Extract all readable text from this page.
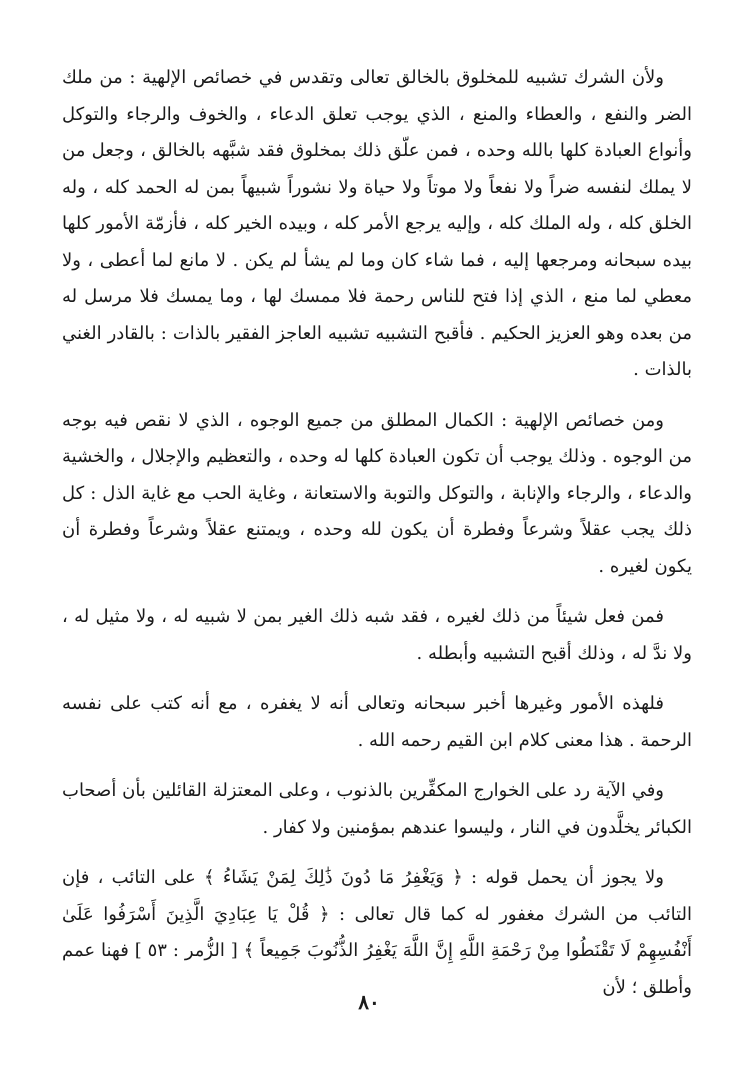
ولأن الشرك تشبيه للمخلوق بالخالق تعالى وتقدس في خصائص الإلهية : من ملك الضر والنفع ، والعطاء والمنع ، الذي يوجب تعلق الدعاء ، والخوف والرجاء والتوكل وأنواع العبادة كلها بالله وحده ، فمن علّق ذلك بمخلوق فقد شبَّهه بالخالق ، وجعل من لا يملك لنفسه ضراً ولا نفعاً ولا موتاً ولا حياة ولا نشوراً شبيهاً بمن له الحمد كله ، وله الخلق كله ، وله الملك كله ، وإليه يرجع الأمر كله ، وبيده الخير كله ، فأزمّة الأمور كلها بيده سبحانه ومرجعها إليه ، فما شاء كان وما لم يشأ لم يكن . لا مانع لما أعطى ، ولا معطي لما منع ، الذي إذا فتح للناس رحمة فلا ممسك لها ، وما يمسك فلا مرسل له من بعده وهو العزيز الحكيم . فأقبح التشبيه تشبيه العاجز الفقير بالذات : بالقادر الغني بالذات .

ومن خصائص الإلهية : الكمال المطلق من جميع الوجوه ، الذي لا نقص فيه بوجه من الوجوه . وذلك يوجب أن تكون العبادة كلها له وحده ، والتعظيم والإجلال ، والخشية والدعاء ، والرجاء والإنابة ، والتوكل والتوبة والاستعانة ، وغاية الحب مع غاية الذل : كل ذلك يجب عقلاً وشرعاً وفطرة أن يكون لله وحده ، ويمتنع عقلاً وشرعاً وفطرة أن يكون لغيره .

فمن فعل شيئاً من ذلك لغيره ، فقد شبه ذلك الغير بمن لا شبيه له ، ولا مثيل له ، ولا ندَّ له ، وذلك أقبح التشبيه وأبطله .

فلهذه الأمور وغيرها أخبر سبحانه وتعالى أنه لا يغفره ، مع أنه كتب على نفسه الرحمة . هذا معنى كلام ابن القيم رحمه الله .

وفي الآية رد على الخوارج المكفِّرين بالذنوب ، وعلى المعتزلة القائلين بأن أصحاب الكبائر يخلَّدون في النار ، وليسوا عندهم بمؤمنين ولا كفار .

ولا يجوز أن يحمل قوله : ﴿ وَيَغْفِرُ مَا دُونَ ذَٰلِكَ لِمَنْ يَشَاءُ ﴾ على التائب ، فإن التائب من الشرك مغفور له كما قال تعالى : ﴿ قُلْ يَا عِبَادِيَ الَّذِينَ أَسْرَفُوا عَلَىٰ أَنْفُسِهِمْ لَا تَقْنَطُوا مِنْ رَحْمَةِ اللَّهِ إِنَّ اللَّهَ يَغْفِرُ الذُّنُوبَ جَمِيعاً ﴾ [ الزُّمر : ٥٣ ] فهنا عمم وأطلق ؛ لأن

٨٠
